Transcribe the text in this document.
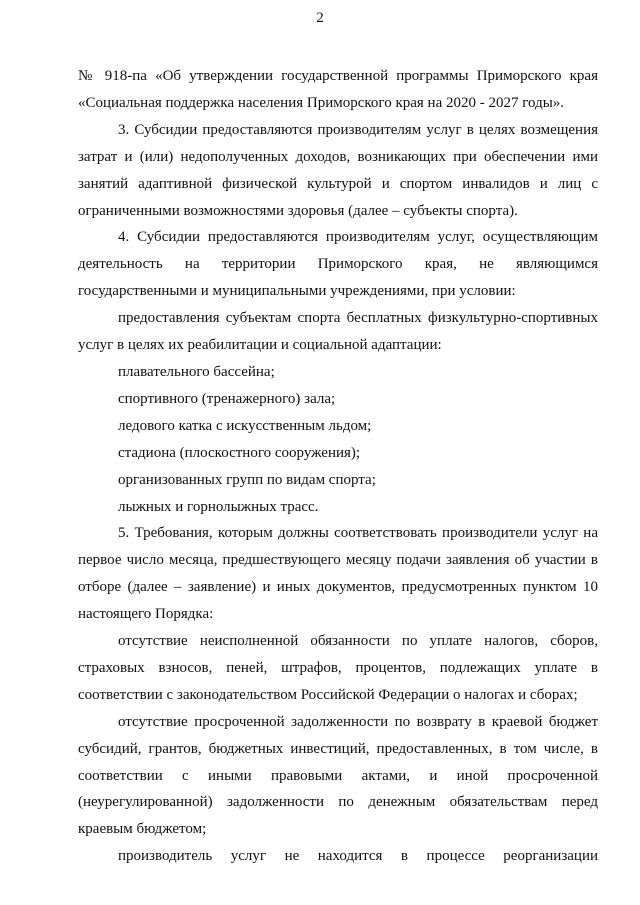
2

№ 918-па «Об утверждении государственной программы Приморского края «Социальная поддержка населения Приморского края на 2020 - 2027 годы».

3. Субсидии предоставляются производителям услуг в целях возмещения затрат и (или) недополученных доходов, возникающих при обеспечении ими занятий адаптивной физической культурой и спортом инвалидов и лиц с ограниченными возможностями здоровья (далее – субъекты спорта).

4. Субсидии предоставляются производителям услуг, осуществляющим деятельность на территории Приморского края, не являющимся государственными и муниципальными учреждениями, при условии:

предоставления субъектам спорта бесплатных физкультурно-спортивных услуг в целях их реабилитации и социальной адаптации:

плавательного бассейна;

спортивного (тренажерного) зала;

ледового катка с искусственным льдом;

стадиона (плоскостного сооружения);

организованных групп по видам спорта;

лыжных и горнолыжных трасс.

5. Требования, которым должны соответствовать производители услуг на первое число месяца, предшествующего месяцу подачи заявления об участии в отборе (далее – заявление) и иных документов, предусмотренных пунктом 10 настоящего Порядка:

отсутствие неисполненной обязанности по уплате налогов, сборов, страховых взносов, пеней, штрафов, процентов, подлежащих уплате в соответствии с законодательством Российской Федерации о налогах и сборах;

отсутствие просроченной задолженности по возврату в краевой бюджет субсидий, грантов, бюджетных инвестиций, предоставленных, в том числе, в соответствии с иными правовыми актами, и иной просроченной (неурегулированной) задолженности по денежным обязательствам перед краевым бюджетом;

производитель услуг не находится в процессе реорганизации
